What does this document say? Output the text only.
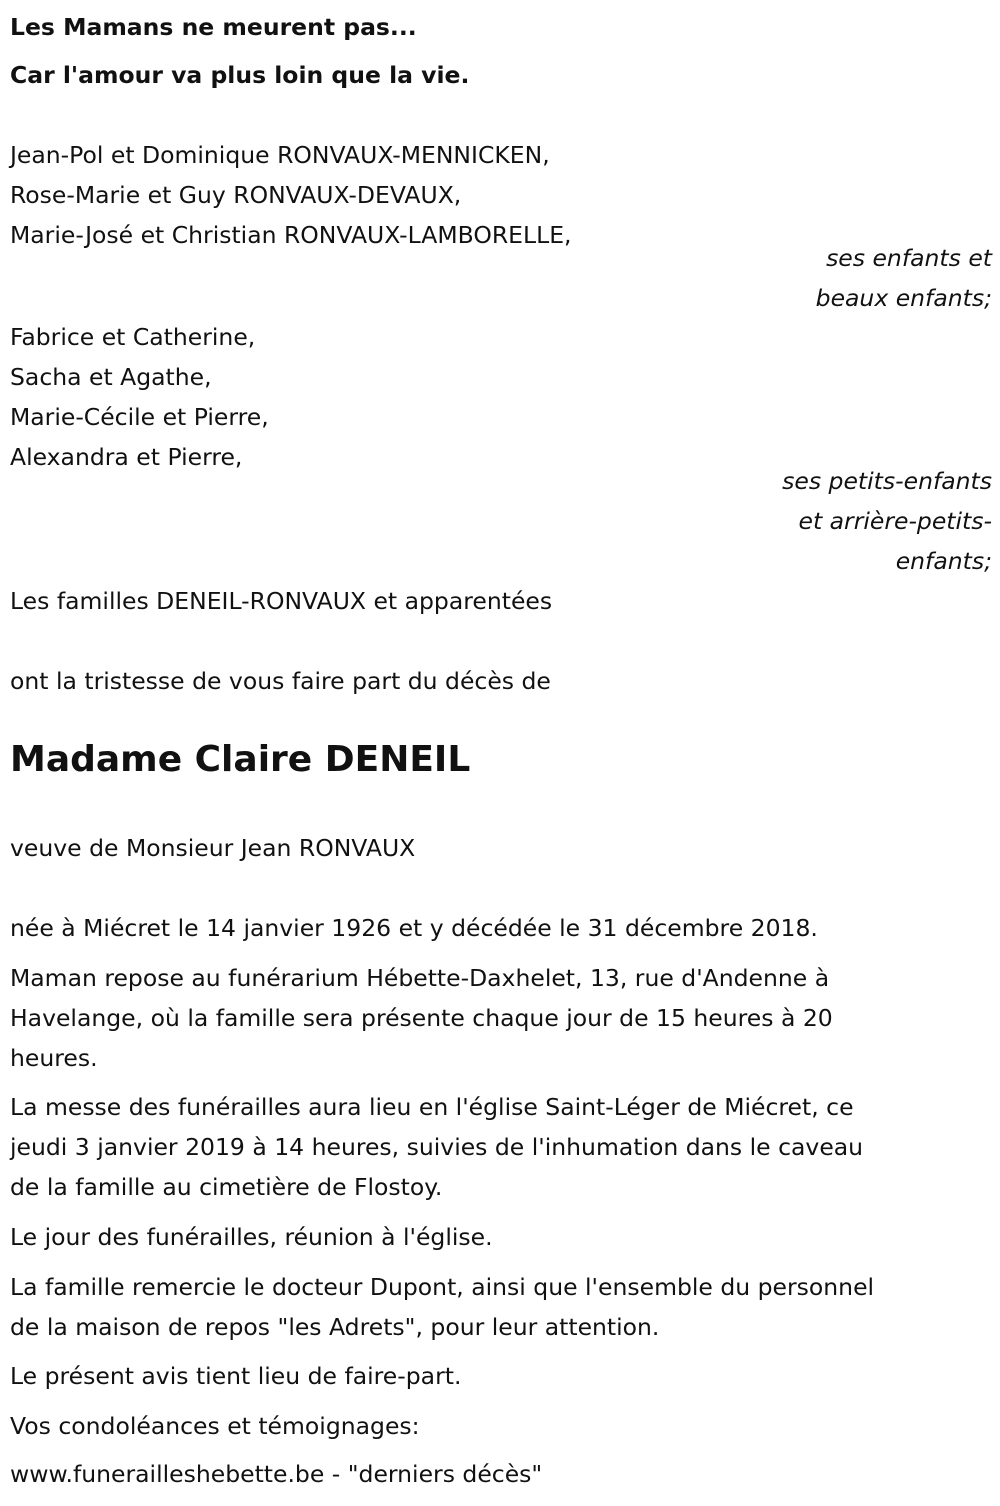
Les Mamans ne meurent pas...
Car l'amour va plus loin que la vie.
Jean-Pol et Dominique RONVAUX-MENNICKEN,
Rose-Marie et Guy RONVAUX-DEVAUX,
Marie-José et Christian RONVAUX-LAMBORELLE,
ses enfants et
beaux enfants;
Fabrice et Catherine,
Sacha et Agathe,
Marie-Cécile et Pierre,
Alexandra et Pierre,
ses petits-enfants
et arrière-petits-
enfants;
Les familles DENEIL-RONVAUX et apparentées
ont la tristesse de vous faire part du décès de
Madame Claire DENEIL
veuve de Monsieur Jean RONVAUX
née à Miécret le 14 janvier 1926 et y décédée le 31 décembre 2018.
Maman repose au funérarium Hébette-Daxhelet, 13, rue d'Andenne à
Havelange, où la famille sera présente chaque jour de 15 heures à 20
heures.
La messe des funérailles aura lieu en l'église Saint-Léger de Miécret, ce
jeudi 3 janvier 2019 à 14 heures, suivies de l'inhumation dans le caveau
de la famille au cimetière de Flostoy.
Le jour des funérailles, réunion à l'église.
La famille remercie le docteur Dupont, ainsi que l'ensemble du personnel
de la maison de repos "les Adrets", pour leur attention.
Le présent avis tient lieu de faire-part.
Vos condoléances et témoignages:
www.funerailleshebette.be - "derniers décès"
